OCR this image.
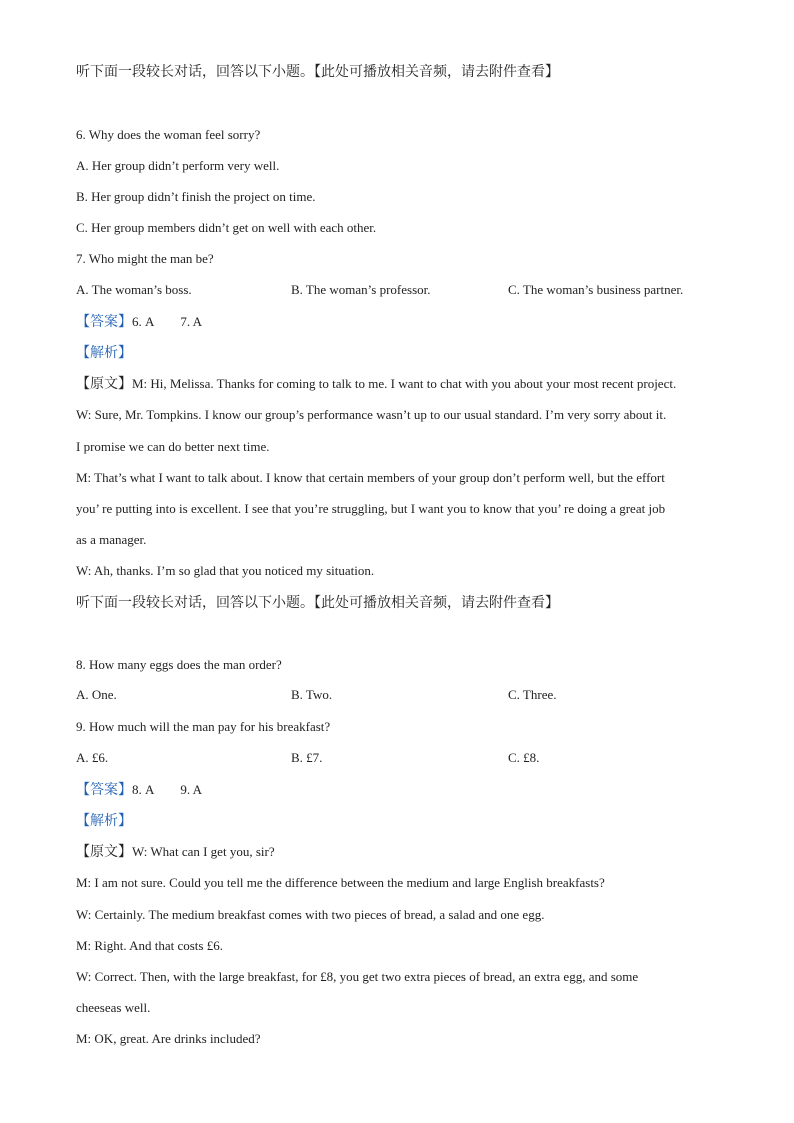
听下面一段较长对话，回答以下小题。【此处可播放相关音频，请去附件查看】
6. Why does the woman feel sorry?
A. Her group didn’t perform very well.
B. Her group didn’t finish the project on time.
C. Her group members didn’t get on well with each other.
7. Who might the man be?
A. The woman’s boss.	B. The woman’s professor.	C. The woman’s business partner.
【答案】6. A 7. A
【解析】
【原文】M: Hi, Melissa. Thanks for coming to talk to me. I want to chat with you about your most recent project.
W: Sure, Mr. Tompkins. I know our group’s performance wasn’t up to our usual standard. I’m very sorry about it.
I promise we can do better next time.
M: That’s what I want to talk about. I know that certain members of your group don’t perform well, but the effort
you’ re putting into is excellent. I see that you’re struggling, but I want you to know that you’ re doing a great job
as a manager.
W: Ah, thanks. I’m so glad that you noticed my situation.
听下面一段较长对话，回答以下小题。【此处可播放相关音频，请去附件查看】
8. How many eggs does the man order?
A. One.	B. Two.	C. Three.
9. How much will the man pay for his breakfast?
A. £6.	B. £7.	C. £8.
【答案】8. A 9. A
【解析】
【原文】W: What can I get you, sir?
M: I am not sure. Could you tell me the difference between the medium and large English breakfasts?
W: Certainly. The medium breakfast comes with two pieces of bread, a salad and one egg.
M: Right. And that costs £6.
W: Correct. Then, with the large breakfast, for £8, you get two extra pieces of bread, an extra egg, and some
cheeseas well.
M: OK, great. Are drinks included?
